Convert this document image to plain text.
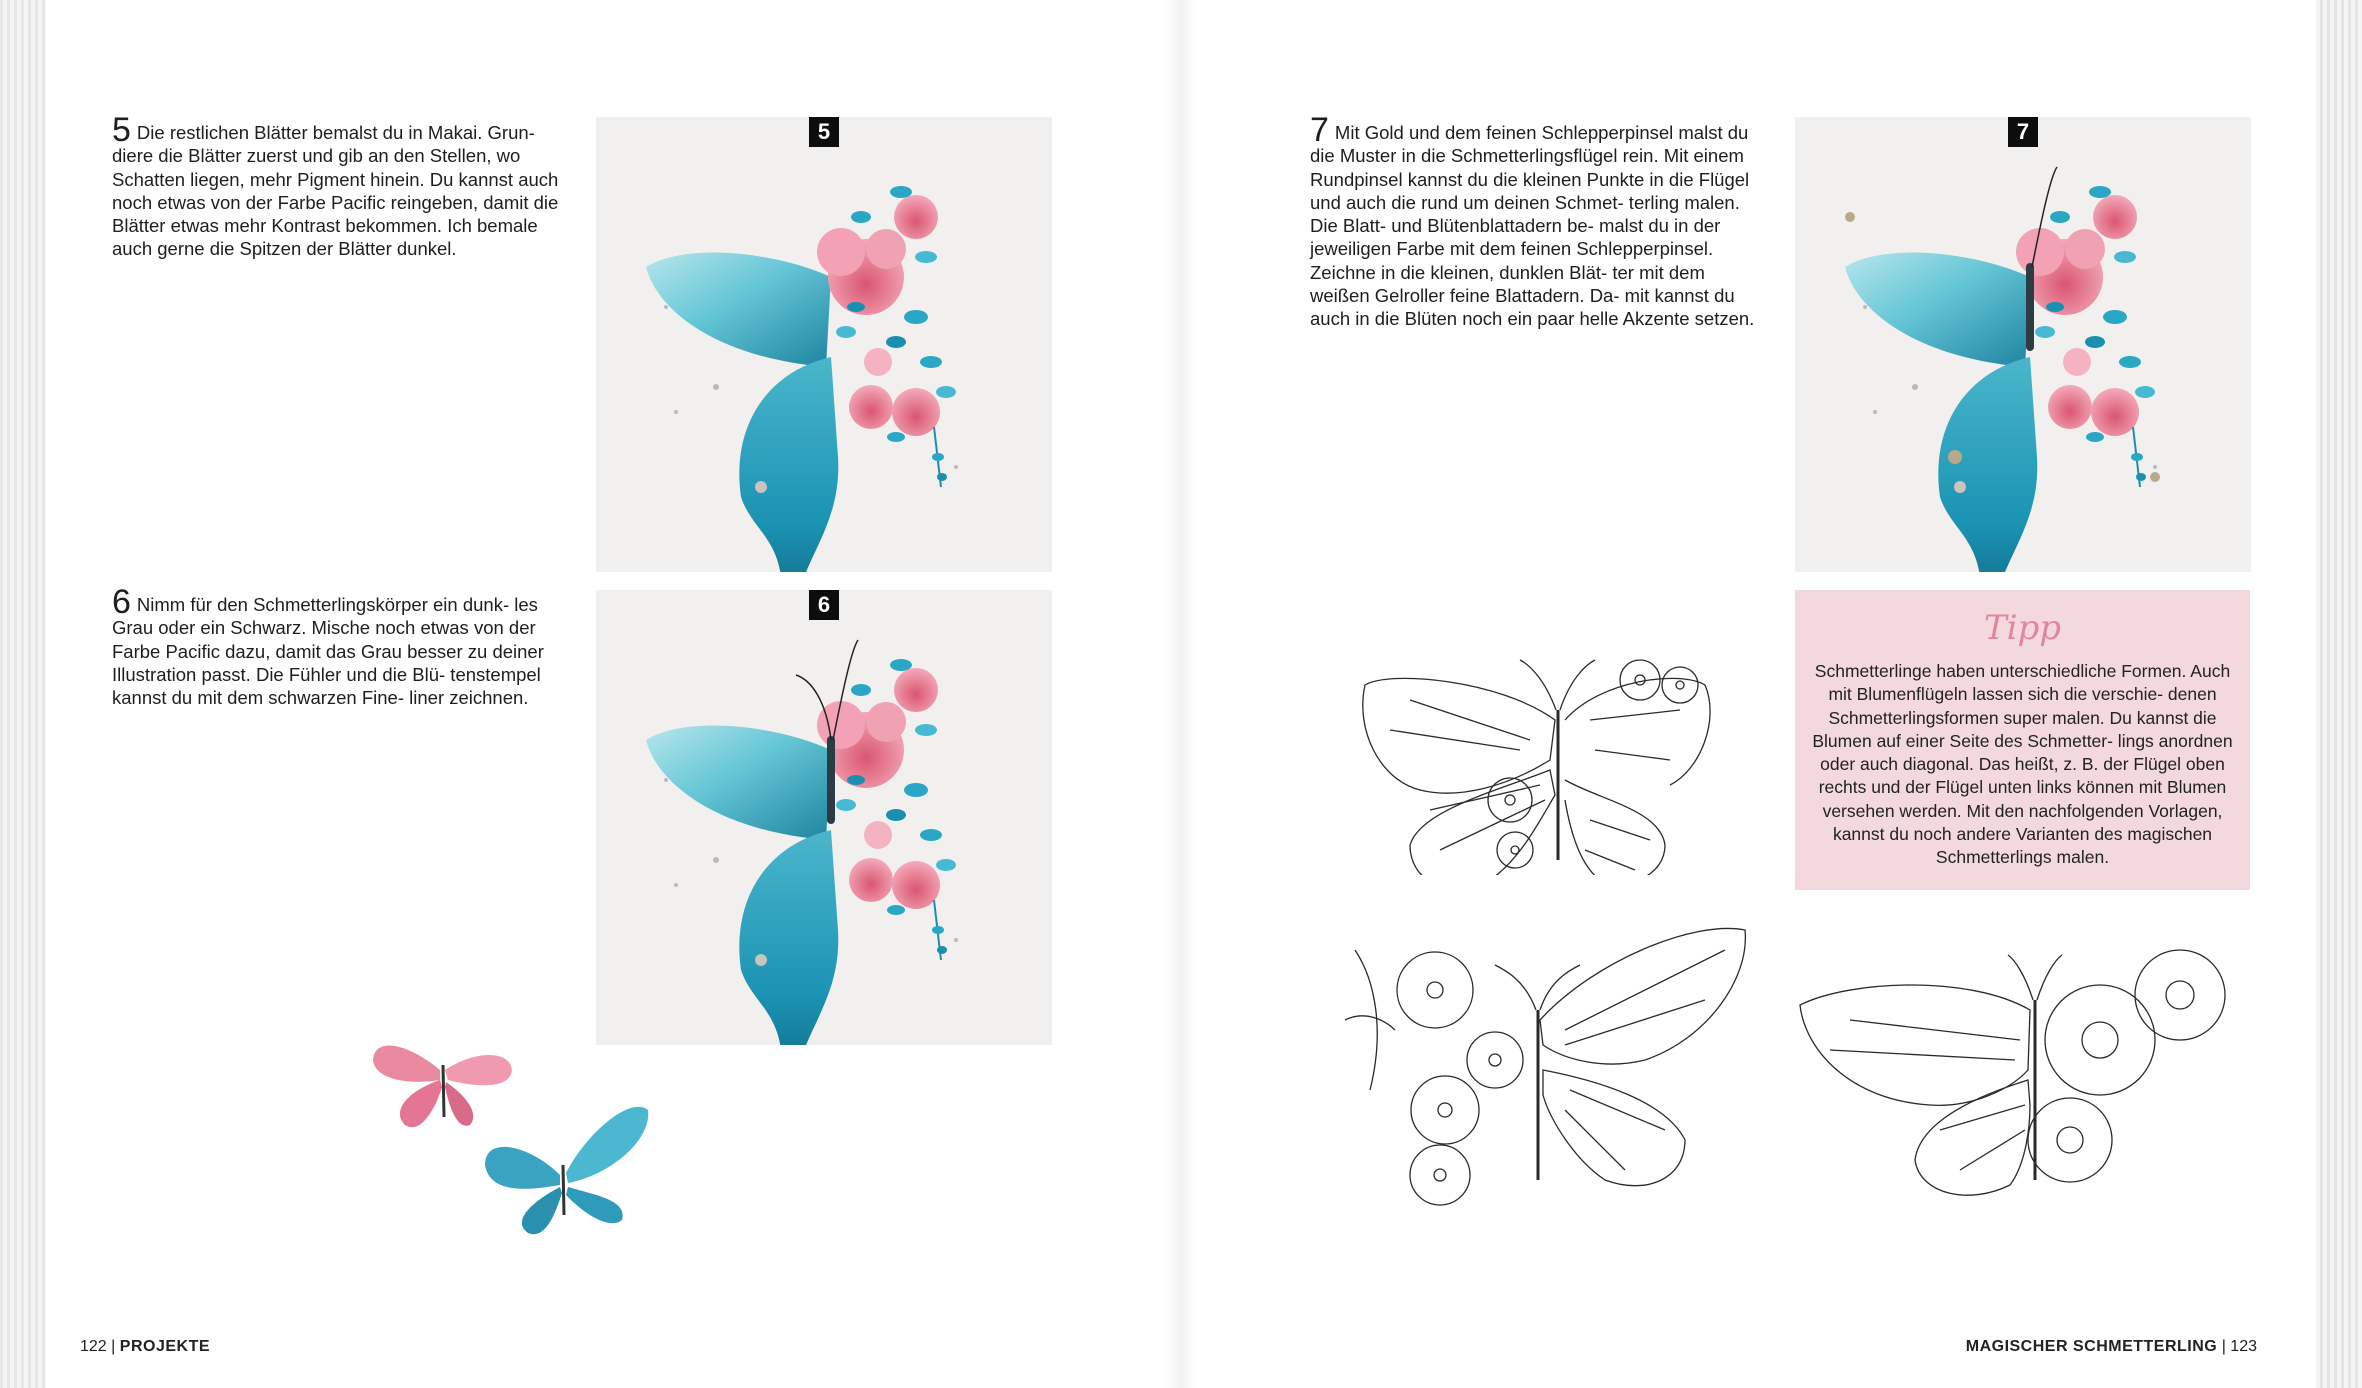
5 Die restlichen Blätter bemalst du in Makai. Grun- diere die Blätter zuerst und gib an den Stellen, wo Schatten liegen, mehr Pigment hinein. Du kannst auch noch etwas von der Farbe Pacific reingeben, damit die Blätter etwas mehr Kontrast bekommen. Ich bemale auch gerne die Spitzen der Blätter dunkel.
5
6 Nimm für den Schmetterlingskörper ein dunk- les Grau oder ein Schwarz. Mische noch etwas von der Farbe Pacific dazu, damit das Grau besser zu deiner Illustration passt. Die Fühler und die Blü- tenstempel kannst du mit dem schwarzen Fine- liner zeichnen.
6
7 Mit Gold und dem feinen Schlepperpinsel malst du die Muster in die Schmetterlingsflügel rein. Mit einem Rundpinsel kannst du die kleinen Punkte in die Flügel und auch die rund um deinen Schmet- terling malen. Die Blatt- und Blütenblattadern be- malst du in der jeweiligen Farbe mit dem feinen Schlepperpinsel. Zeichne in die kleinen, dunklen Blät- ter mit dem weißen Gelroller feine Blattadern. Da- mit kannst du auch in die Blüten noch ein paar helle Akzente setzen.
7
Tipp
Schmetterlinge haben unterschiedliche Formen. Auch mit Blumenflügeln lassen sich die verschie- denen Schmetterlingsformen super malen. Du kannst die Blumen auf einer Seite des Schmetter- lings anordnen oder auch diagonal. Das heißt, z. B. der Flügel oben rechts und der Flügel unten links können mit Blumen versehen werden. Mit den nachfolgenden Vorlagen, kannst du noch andere Varianten des magischen Schmetterlings malen.
122 | PROJEKTE	MAGISCHER SCHMETTERLING | 123
